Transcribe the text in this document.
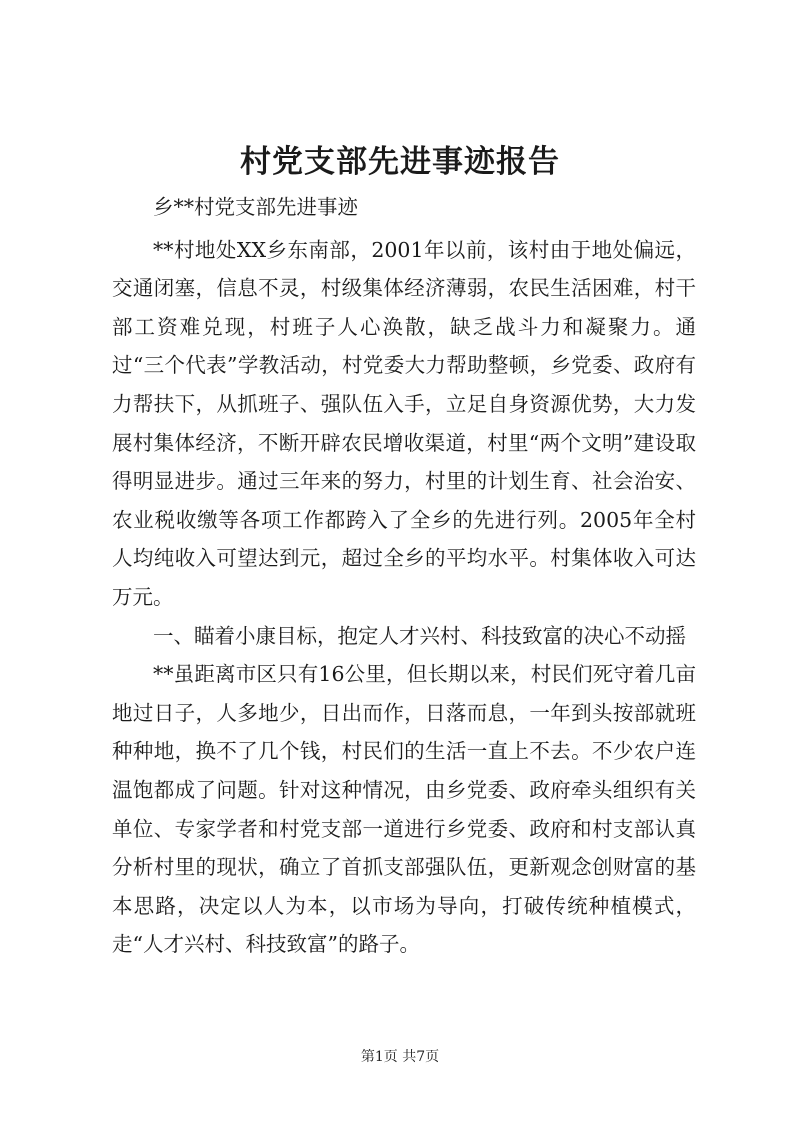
村党支部先进事迹报告

乡**村党支部先进事迹

**村地处XX乡东南部，2001年以前，该村由于地处偏远，交通闭塞，信息不灵，村级集体经济薄弱，农民生活困难，村干部工资难兑现，村班子人心涣散，缺乏战斗力和凝聚力。通过“三个代表”学教活动，村党委大力帮助整顿，乡党委、政府有力帮扶下，从抓班子、强队伍入手，立足自身资源优势，大力发展村集体经济，不断开辟农民增收渠道，村里“两个文明”建设取得明显进步。通过三年来的努力，村里的计划生育、社会治安、农业税收缴等各项工作都跨入了全乡的先进行列。2005年全村人均纯收入可望达到元，超过全乡的平均水平。村集体收入可达万元。

一、瞄着小康目标，抱定人才兴村、科技致富的决心不动摇

**虽距离市区只有16公里，但长期以来，村民们死守着几亩地过日子，人多地少，日出而作，日落而息，一年到头按部就班种种地，换不了几个钱，村民们的生活一直上不去。不少农户连温饱都成了问题。针对这种情况，由乡党委、政府牵头组织有关单位、专家学者和村党支部一道进行乡党委、政府和村支部认真分析村里的现状，确立了首抓支部强队伍，更新观念创财富的基本思路，决定以人为本，以市场为导向，打破传统种植模式，走“人才兴村、科技致富”的路子。

第1页 共7页
